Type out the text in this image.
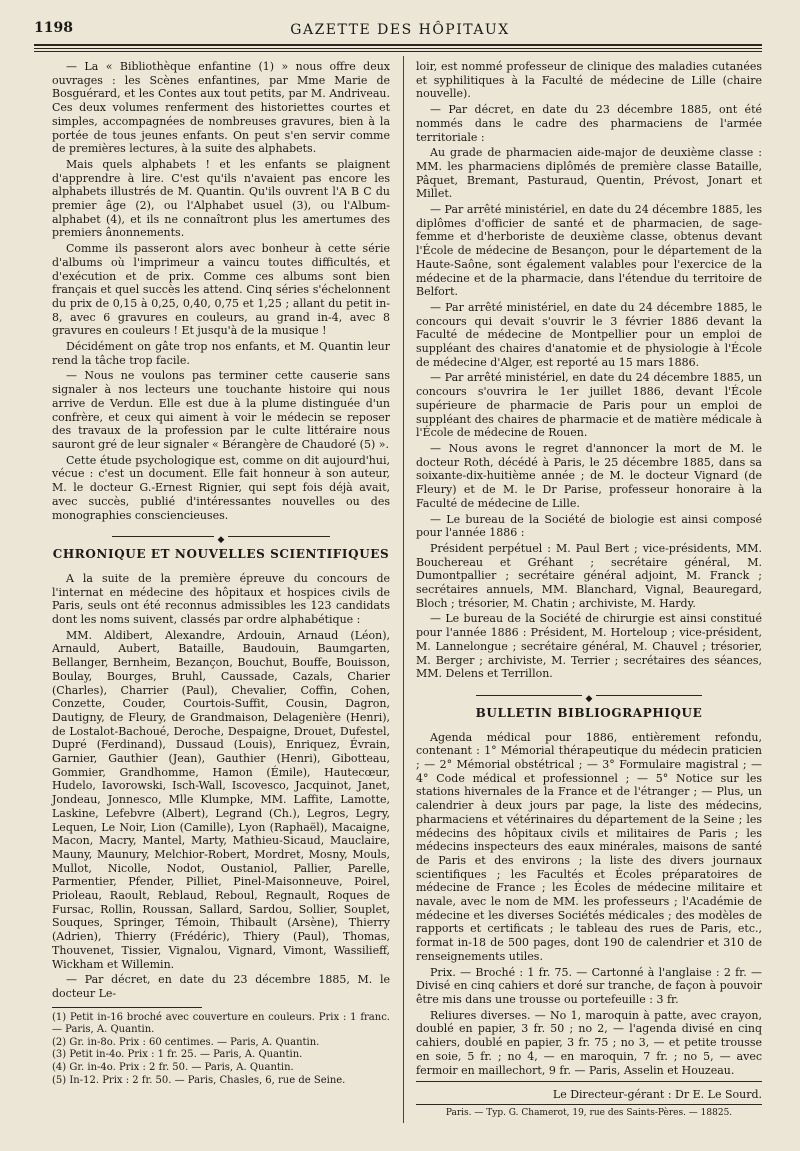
1198	GAZETTE DES HÔPITAUX

— La « Bibliothèque enfantine (1) » nous offre deux ouvrages : les Scènes enfantines, par Mme Marie de Bosguérard, et les Contes aux tout petits, par M. Andriveau. Ces deux volumes renferment des historiettes courtes et simples, accompagnées de nombreuses gravures, bien à la portée de tous jeunes enfants. On peut s'en servir comme de premières lectures, à la suite des alphabets.

Mais quels alphabets ! et les enfants se plaignent d'apprendre à lire. C'est qu'ils n'avaient pas encore les alphabets illustrés de M. Quantin. Qu'ils ouvrent l'A B C du premier âge (2), ou l'Alphabet usuel (3), ou l'Album-alphabet (4), et ils ne connaîtront plus les amertumes des premiers ânonnements.

Comme ils passeront alors avec bonheur à cette série d'albums où l'imprimeur a vaincu toutes difficultés, et d'exécution et de prix. Comme ces albums sont bien français et quel succès les attend. Cinq séries s'échelonnent du prix de 0,15 à 0,25, 0,40, 0,75 et 1,25 ; allant du petit in-8, avec 6 gravures en couleurs, au grand in-4, avec 8 gravures en couleurs ! Et jusqu'à de la musique !

Décidément on gâte trop nos enfants, et M. Quantin leur rend la tâche trop facile.

— Nous ne voulons pas terminer cette causerie sans signaler à nos lecteurs une touchante histoire qui nous arrive de Verdun. Elle est due à la plume distinguée d'un confrère, et ceux qui aiment à voir le médecin se reposer des travaux de la profession par le culte littéraire nous sauront gré de leur signaler « Bérangère de Chaudoré (5) ».

Cette étude psychologique est, comme on dit aujourd'hui, vécue : c'est un document. Elle fait honneur à son auteur, M. le docteur G.-Ernest Rignier, qui sept fois déjà avait, avec succès, publié d'intéressantes nouvelles ou des monographies consciencieuses.

◆
CHRONIQUE ET NOUVELLES SCIENTIFIQUES

A la suite de la première épreuve du concours de l'internat en médecine des hôpitaux et hospices civils de Paris, seuls ont été reconnus admissibles les 123 candidats dont les noms suivent, classés par ordre alphabétique :

MM. Aldibert, Alexandre, Ardouin, Arnaud (Léon), Arnauld, Aubert, Bataille, Baudouin, Baumgarten, Bellanger, Bernheim, Bezançon, Bouchut, Bouffe, Bouisson, Boulay, Bourges, Bruhl, Caussade, Cazals, Charier (Charles), Charrier (Paul), Chevalier, Coffin, Cohen, Conzette, Couder, Courtois-Suffit, Cousin, Dagron, Dautigny, de Fleury, de Grandmaison, Delagenière (Henri), de Lostalot-Bachoué, Deroche, Despaigne, Drouet, Dufestel, Dupré (Ferdinand), Dussaud (Louis), Enriquez, Évrain, Garnier, Gauthier (Jean), Gauthier (Henri), Gibotteau, Gommier, Grandhomme, Hamon (Émile), Hautecœur, Hudelo, Iavorowski, Isch-Wall, Iscovesco, Jacquinot, Janet, Jondeau, Jonnesco, Mlle Klumpke, MM. Laffite, Lamotte, Laskine, Lefebvre (Albert), Legrand (Ch.), Legros, Legry, Lequen, Le Noir, Lion (Camille), Lyon (Raphaël), Macaigne, Macon, Macry, Mantel, Marty, Mathieu-Sicaud, Mauclaire, Mauny, Maunury, Melchior-Robert, Mordret, Mosny, Mouls, Mullot, Nicolle, Nodot, Oustaniol, Pallier, Parelle, Parmentier, Pfender, Pilliet, Pinel-Maisonneuve, Poirel, Prioleau, Raoult, Reblaud, Reboul, Regnault, Roques de Fursac, Rollin, Roussan, Sallard, Sardou, Sollier, Souplet, Souques, Springer, Témoin, Thibault (Arsène), Thierry (Adrien), Thierry (Frédéric), Thiery (Paul), Thomas, Thouvenet, Tissier, Vignalou, Vignard, Vimont, Wassilieff, Wickham et Willemin.

— Par décret, en date du 23 décembre 1885, M. le docteur Le-

(1) Petit in-16 broché avec couverture en couleurs. Prix : 1 franc. — Paris, A. Quantin.
(2) Gr. in-8o. Prix : 60 centimes. — Paris, A. Quantin.
(3) Petit in-4o. Prix : 1 fr. 25. — Paris, A. Quantin.
(4) Gr. in-4o. Prix : 2 fr. 50. — Paris, A. Quantin.
(5) In-12. Prix : 2 fr. 50. — Paris, Chasles, 6, rue de Seine.

loir, est nommé professeur de clinique des maladies cutanées et syphilitiques à la Faculté de médecine de Lille (chaire nouvelle).

— Par décret, en date du 23 décembre 1885, ont été nommés dans le cadre des pharmaciens de l'armée territoriale :

Au grade de pharmacien aide-major de deuxième classe : MM. les pharmaciens diplômés de première classe Bataille, Pâquet, Bremant, Pasturaud, Quentin, Prévost, Jonart et Millet.

— Par arrêté ministériel, en date du 24 décembre 1885, les diplômes d'officier de santé et de pharmacien, de sage-femme et d'herboriste de deuxième classe, obtenus devant l'École de médecine de Besançon, pour le département de la Haute-Saône, sont également valables pour l'exercice de la médecine et de la pharmacie, dans l'étendue du territoire de Belfort.

— Par arrêté ministériel, en date du 24 décembre 1885, le concours qui devait s'ouvrir le 3 février 1886 devant la Faculté de médecine de Montpellier pour un emploi de suppléant des chaires d'anatomie et de physiologie à l'École de médecine d'Alger, est reporté au 15 mars 1886.

— Par arrêté ministériel, en date du 24 décembre 1885, un concours s'ouvrira le 1er juillet 1886, devant l'École supérieure de pharmacie de Paris pour un emploi de suppléant des chaires de pharmacie et de matière médicale à l'École de médecine de Rouen.

— Nous avons le regret d'annoncer la mort de M. le docteur Roth, décédé à Paris, le 25 décembre 1885, dans sa soixante-dix-huitième année ; de M. le docteur Vignard (de Fleury) et de M. le Dr Parise, professeur honoraire à la Faculté de médecine de Lille.

— Le bureau de la Société de biologie est ainsi composé pour l'année 1886 :

Président perpétuel : M. Paul Bert ; vice-présidents, MM. Bouchereau et Gréhant ; secrétaire général, M. Dumontpallier ; secrétaire général adjoint, M. Franck ; secrétaires annuels, MM. Blanchard, Vignal, Beauregard, Bloch ; trésorier, M. Chatin ; archiviste, M. Hardy.

— Le bureau de la Société de chirurgie est ainsi constitué pour l'année 1886 : Président, M. Horteloup ; vice-président, M. Lannelongue ; secrétaire général, M. Chauvel ; trésorier, M. Berger ; archiviste, M. Terrier ; secrétaires des séances, MM. Delens et Terrillon.

◆
BULLETIN BIBLIOGRAPHIQUE

Agenda médical pour 1886, entièrement refondu, contenant : 1° Mémorial thérapeutique du médecin praticien ; — 2° Mémorial obstétrical ; — 3° Formulaire magistral ; — 4° Code médical et professionnel ; — 5° Notice sur les stations hivernales de la France et de l'étranger ; — Plus, un calendrier à deux jours par page, la liste des médecins, pharmaciens et vétérinaires du département de la Seine ; les médecins des hôpitaux civils et militaires de Paris ; les médecins inspecteurs des eaux minérales, maisons de santé de Paris et des environs ; la liste des divers journaux scientifiques ; les Facultés et Écoles préparatoires de médecine de France ; les Écoles de médecine militaire et navale, avec le nom de MM. les professeurs ; l'Académie de médecine et les diverses Sociétés médicales ; des modèles de rapports et certificats ; le tableau des rues de Paris, etc., format in-18 de 500 pages, dont 190 de calendrier et 310 de renseignements utiles.

Prix. — Broché : 1 fr. 75. — Cartonné à l'anglaise : 2 fr. — Divisé en cinq cahiers et doré sur tranche, de façon à pouvoir être mis dans une trousse ou portefeuille : 3 fr.

Reliures diverses. — No 1, maroquin à patte, avec crayon, doublé en papier, 3 fr. 50 ; no 2, — l'agenda divisé en cinq cahiers, doublé en papier, 3 fr. 75 ; no 3, — et petite trousse en soie, 5 fr. ; no 4, — en maroquin, 7 fr. ; no 5, — avec fermoir en maillechort, 9 fr. — Paris, Asselin et Houzeau.

Le Directeur-gérant : Dr E. Le Sourd.
Paris. — Typ. G. Chamerot, 19, rue des Saints-Pères. — 18825.
